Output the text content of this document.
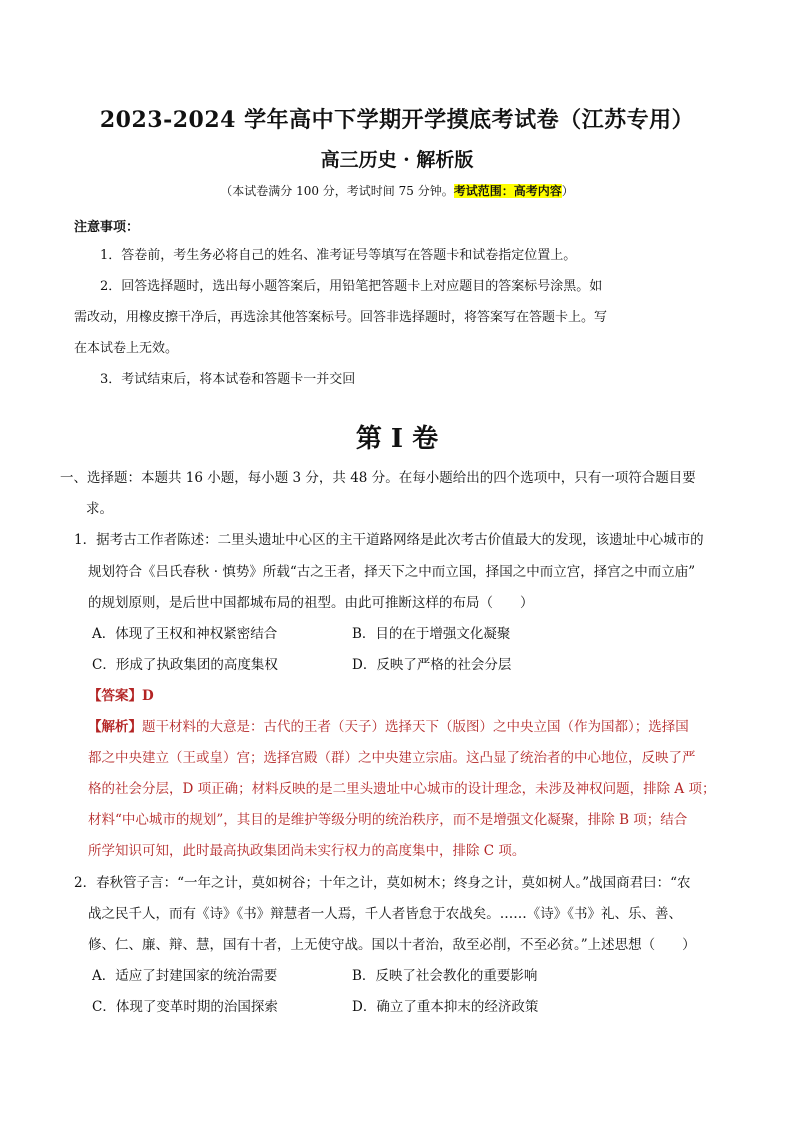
2023-2024 学年高中下学期开学摸底考试卷（江苏专用）
高三历史 · 解析版
（本试卷满分 100 分，考试时间 75 分钟。考试范围：高考内容）
注意事项：
1．答卷前，考生务必将自己的姓名、准考证号等填写在答题卡和试卷指定位置上。
2．回答选择题时，选出每小题答案后，用铅笔把答题卡上对应题目的答案标号涂黑。如
需改动，用橡皮擦干净后，再选涂其他答案标号。回答非选择题时，将答案写在答题卡上。写
在本试卷上无效。
3．考试结束后，将本试卷和答题卡一并交回
第 I 卷
一、选择题：本题共 16 小题，每小题 3 分，共 48 分。在每小题给出的四个选项中，只有一项符合题目要
求。
1．据考古工作者陈述：二里头遗址中心区的主干道路网络是此次考古价值最大的发现，该遗址中心城市的
规划符合《吕氏春秋 · 慎势》所载“古之王者，择天下之中而立国，择国之中而立宫，择宫之中而立庙”
的规划原则，是后世中国都城布局的祖型。由此可推断这样的布局（　　）
A．体现了王权和神权紧密结合	B．目的在于增强文化凝聚
C．形成了执政集团的高度集权	D．反映了严格的社会分层
【答案】D
【解析】题干材料的大意是：古代的王者（天子）选择天下（版图）之中央立国（作为国都）；选择国
都之中央建立（王或皇）宫；选择宫殿（群）之中央建立宗庙。这凸显了统治者的中心地位，反映了严
格的社会分层，D 项正确；材料反映的是二里头遗址中心城市的设计理念，未涉及神权问题，排除 A 项；
材料“中心城市的规划”，其目的是维护等级分明的统治秩序，而不是增强文化凝聚，排除 B 项；结合
所学知识可知，此时最高执政集团尚未实行权力的高度集中，排除 C 项。
2．春秋管子言：“一年之计，莫如树谷；十年之计，莫如树木；终身之计，莫如树人。”战国商君曰：“农
战之民千人，而有《诗》《书》辩慧者一人焉，千人者皆怠于农战矣。……《诗》《书》礼、乐、善、
修、仁、廉、辩、慧，国有十者，上无使守战。国以十者治，敌至必削，不至必贫。”上述思想（　　）
A．适应了封建国家的统治需要	B．反映了社会教化的重要影响
C．体现了变革时期的治国探索	D．确立了重本抑末的经济政策
